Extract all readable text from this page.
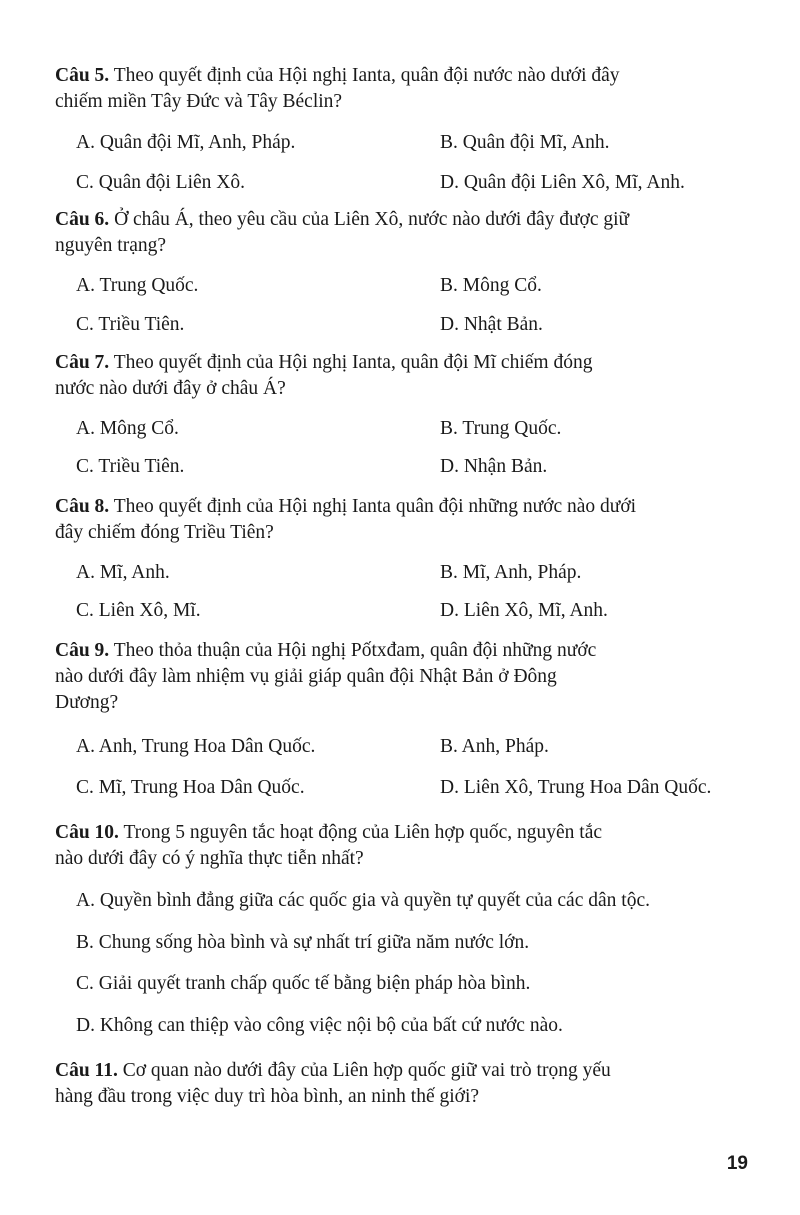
Câu 5. Theo quyết định của Hội nghị Ianta, quân đội nước nào dưới đây
chiếm miền Tây Đức và Tây Béclin?
A. Quân đội Mĩ, Anh, Pháp.	B. Quân đội Mĩ, Anh.
C. Quân đội Liên Xô.	D. Quân đội Liên Xô, Mĩ, Anh.
Câu 6. Ở châu Á, theo yêu cầu của Liên Xô, nước nào dưới đây được giữ
nguyên trạng?
A. Trung Quốc.	B. Mông Cổ.
C. Triều Tiên.	D. Nhật Bản.
Câu 7. Theo quyết định của Hội nghị Ianta, quân đội Mĩ chiếm đóng
nước nào dưới đây ở châu Á?
A. Mông Cổ.	B. Trung Quốc.
C. Triều Tiên.	D. Nhận Bản.
Câu 8. Theo quyết định của Hội nghị Ianta quân đội những nước nào dưới
đây chiếm đóng Triều Tiên?
A. Mĩ, Anh.	B. Mĩ, Anh, Pháp.
C. Liên Xô, Mĩ.	D. Liên Xô, Mĩ, Anh.
Câu 9. Theo thỏa thuận của Hội nghị Pốtxđam, quân đội những nước
nào dưới đây làm nhiệm vụ giải giáp quân đội Nhật Bản ở Đông
Dương?
A. Anh, Trung Hoa Dân Quốc.	B. Anh, Pháp.
C. Mĩ, Trung Hoa Dân Quốc.	D. Liên Xô, Trung Hoa Dân Quốc.
Câu 10. Trong 5 nguyên tắc hoạt động của Liên hợp quốc, nguyên tắc
nào dưới đây có ý nghĩa thực tiễn nhất?
A. Quyền bình đẳng giữa các quốc gia và quyền tự quyết của các dân tộc.
B. Chung sống hòa bình và sự nhất trí giữa năm nước lớn.
C. Giải quyết tranh chấp quốc tế bằng biện pháp hòa bình.
D. Không can thiệp vào công việc nội bộ của bất cứ nước nào.
Câu 11. Cơ quan nào dưới đây của Liên hợp quốc giữ vai trò trọng yếu
hàng đầu trong việc duy trì hòa bình, an ninh thế giới?
19
